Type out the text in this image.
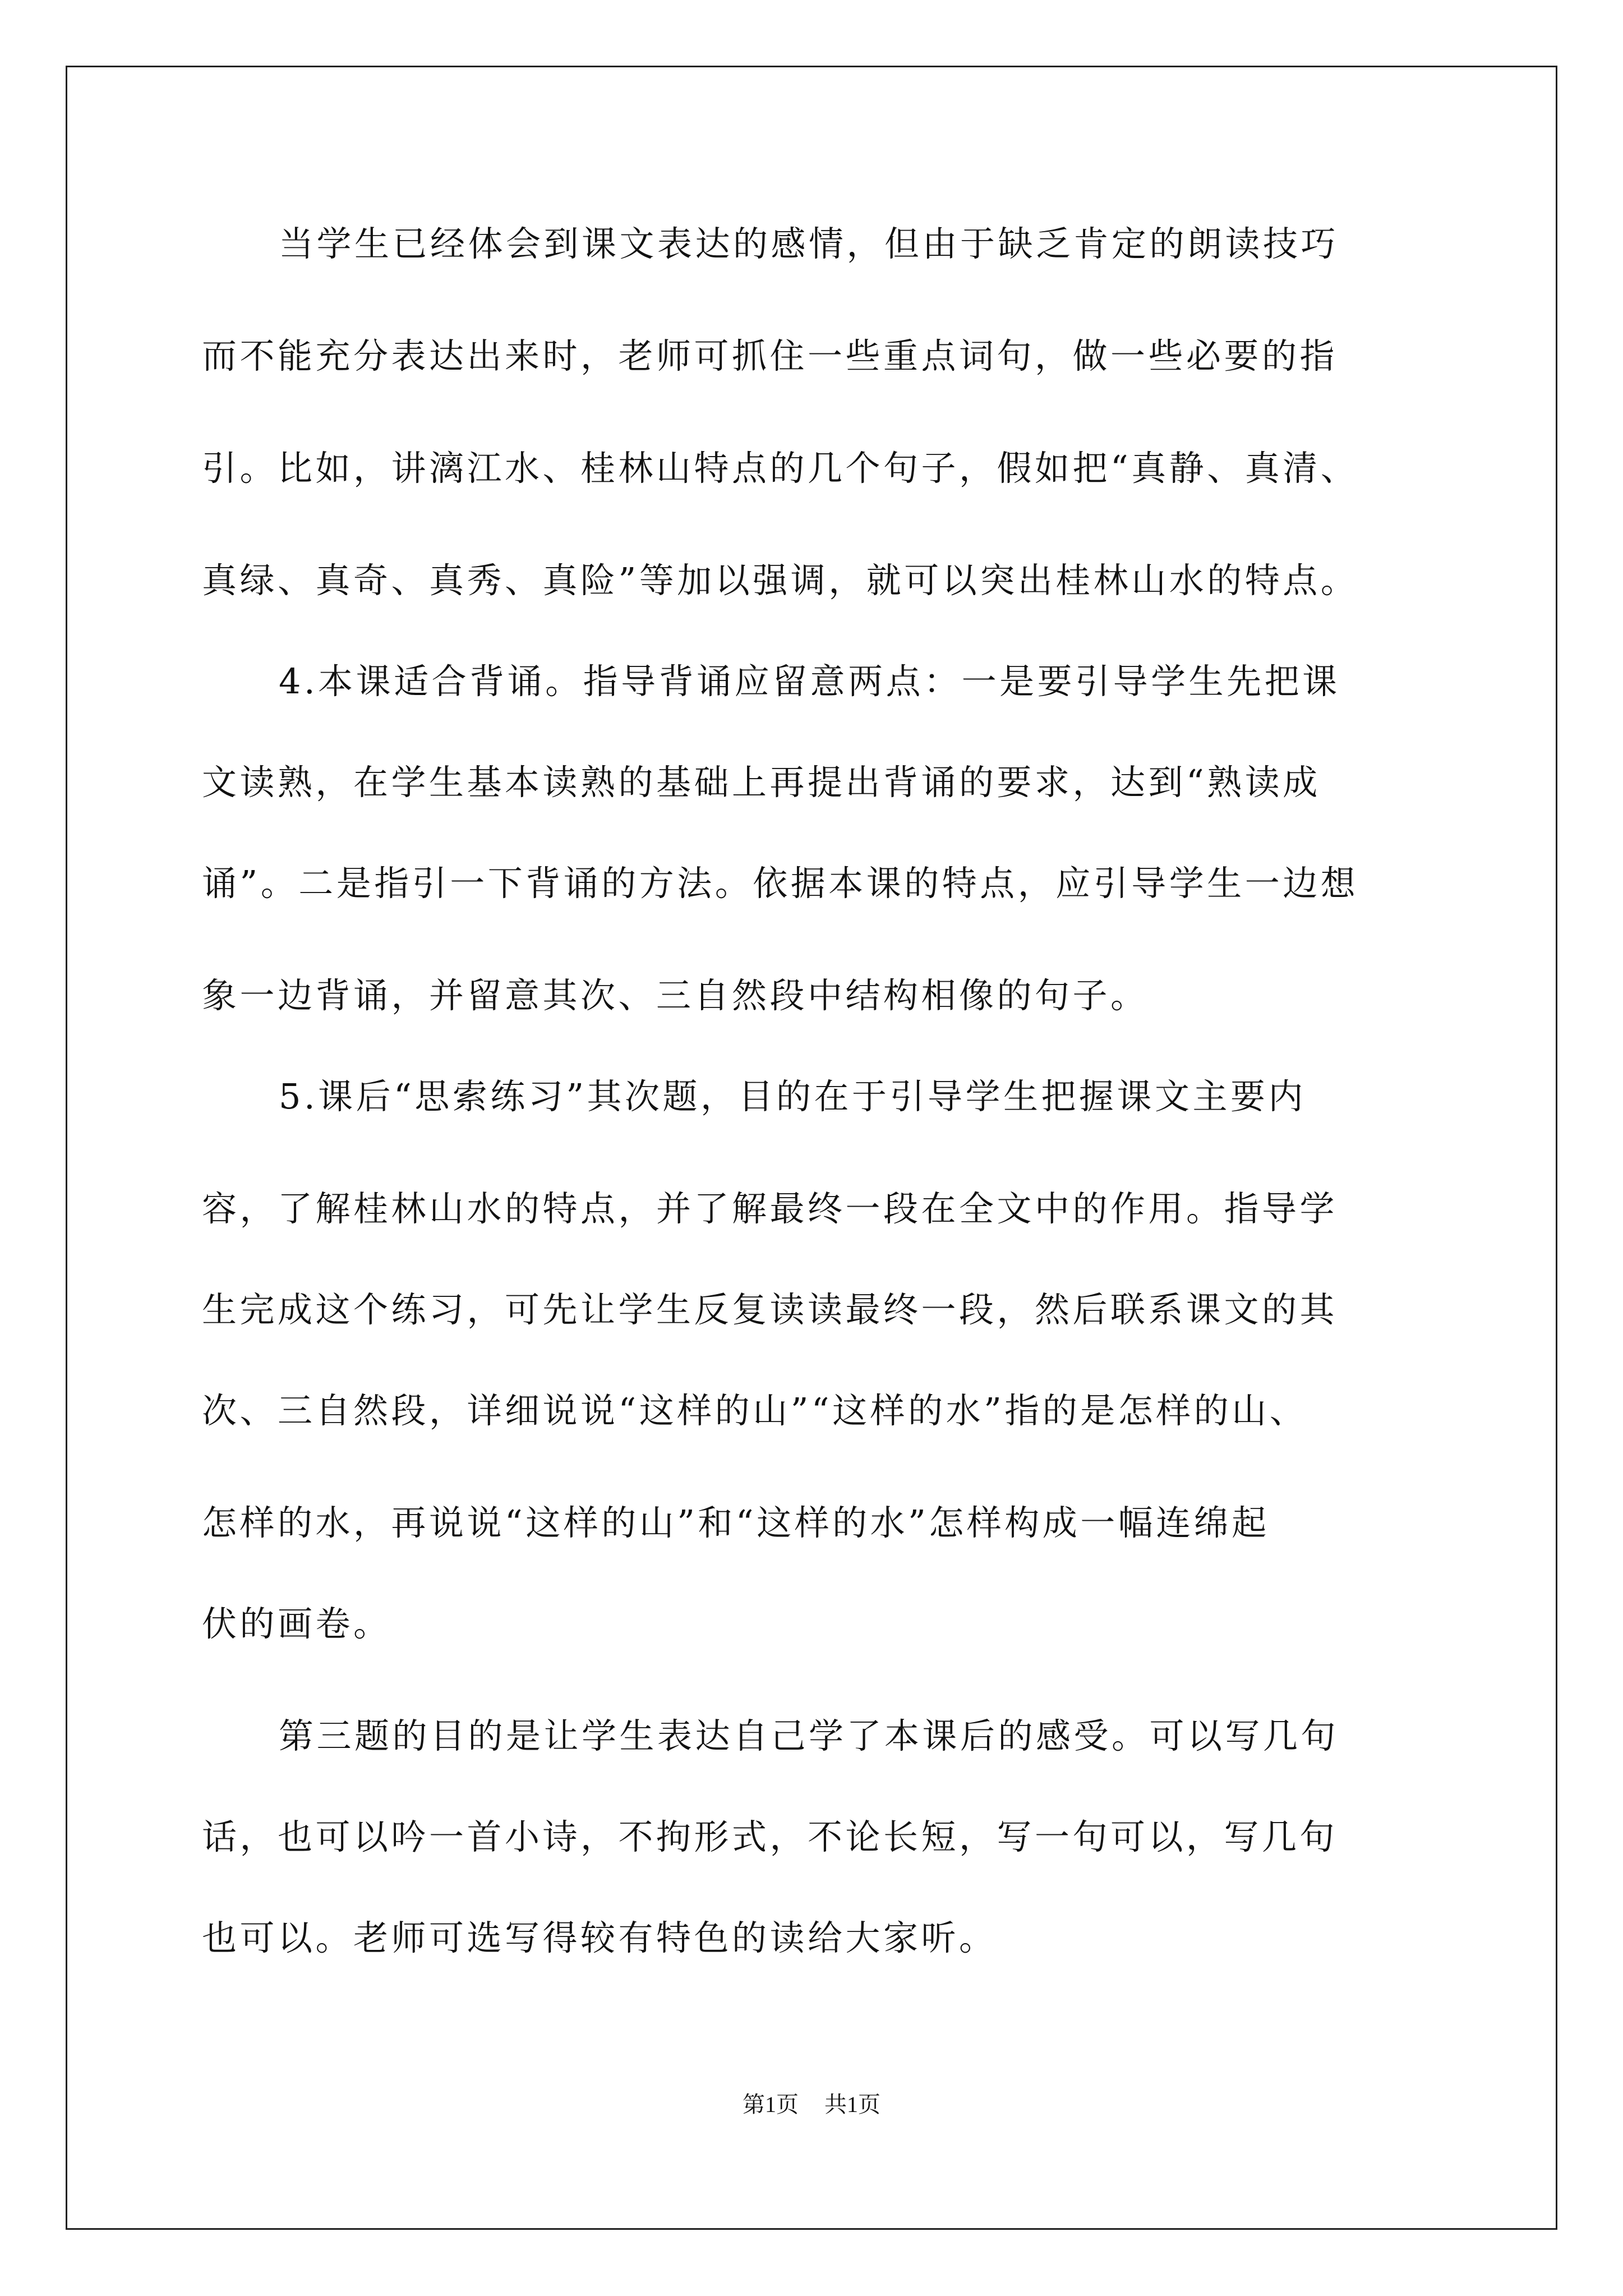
当学生已经体会到课文表达的感情，但由于缺乏肯定的朗读技巧
而不能充分表达出来时，老师可抓住一些重点词句，做一些必要的指
引。比如，讲漓江水、桂林山特点的几个句子，假如把“真静、真清、
真绿、真奇、真秀、真险”等加以强调，就可以突出桂林山水的特点。
4.本课适合背诵。指导背诵应留意两点：一是要引导学生先把课
文读熟，在学生基本读熟的基础上再提出背诵的要求，达到“熟读成
诵”。二是指引一下背诵的方法。依据本课的特点，应引导学生一边想
象一边背诵，并留意其次、三自然段中结构相像的句子。
5.课后“思索练习”其次题，目的在于引导学生把握课文主要内
容，了解桂林山水的特点，并了解最终一段在全文中的作用。指导学
生完成这个练习，可先让学生反复读读最终一段，然后联系课文的其
次、三自然段，详细说说“这样的山”“这样的水”指的是怎样的山、
怎样的水，再说说“这样的山”和“这样的水”怎样构成一幅连绵起
伏的画卷。
第三题的目的是让学生表达自己学了本课后的感受。可以写几句
话，也可以吟一首小诗，不拘形式，不论长短，写一句可以，写几句
也可以。老师可选写得较有特色的读给大家听。
第1页 共1页
